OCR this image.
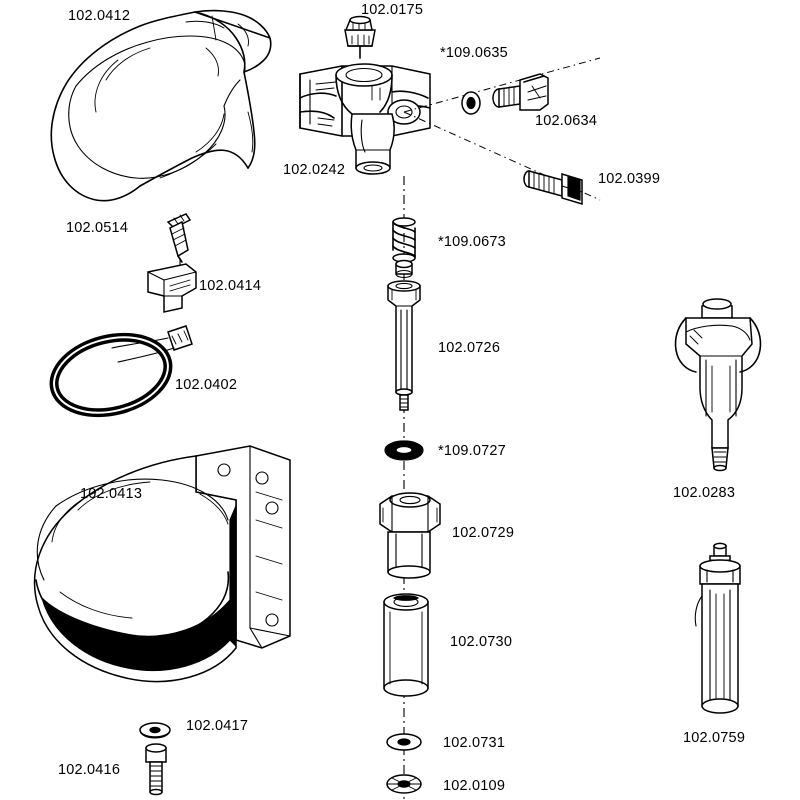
102.0412	102.0175
*109.0635
102.0634
102.0242
102.0399
102.0514
*109.0673
102.0414
102.0726
102.0283
102.0402
*109.0727
102.0413
102.0729
102.0730
102.0417
102.0731	102.0759
102.0416
102.0109
